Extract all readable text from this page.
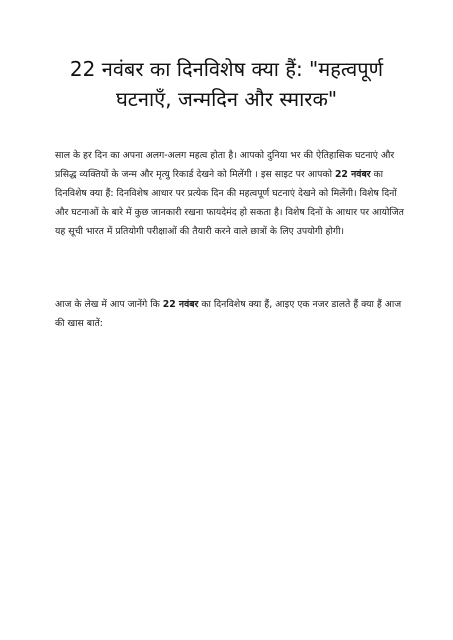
22 नवंबर का दिनविशेष क्या हैं: "महत्वपूर्ण घटनाएँ, जन्मदिन और स्मारक"

साल के हर दिन का अपना अलग-अलग महत्व होता है। आपको दुनिया भर की ऐतिहासिक घटनाएं और प्रसिद्ध व्यक्तियों के जन्म और मृत्यु रिकार्ड देखने को मिलेंगी । इस साइट पर आपको 22 नवंबर का दिनविशेष क्या हैं: दिनविशेष आधार पर प्रत्येक दिन की महत्वपूर्ण घटनाएं देखने को मिलेंगी। विशेष दिनों और घटनाओं के बारे में कुछ जानकारी रखना फायदेमंद हो सकता है। विशेष दिनों के आधार पर आयोजित यह सूची भारत में प्रतियोगी परीक्षाओं की तैयारी करने वाले छात्रों के लिए उपयोगी होगी।

आज के लेख में आप जानेंगे कि 22 नवंबर का दिनविशेष क्या हैं, आइए एक नजर डालते हैं क्या हैं आज की खास बातें:
